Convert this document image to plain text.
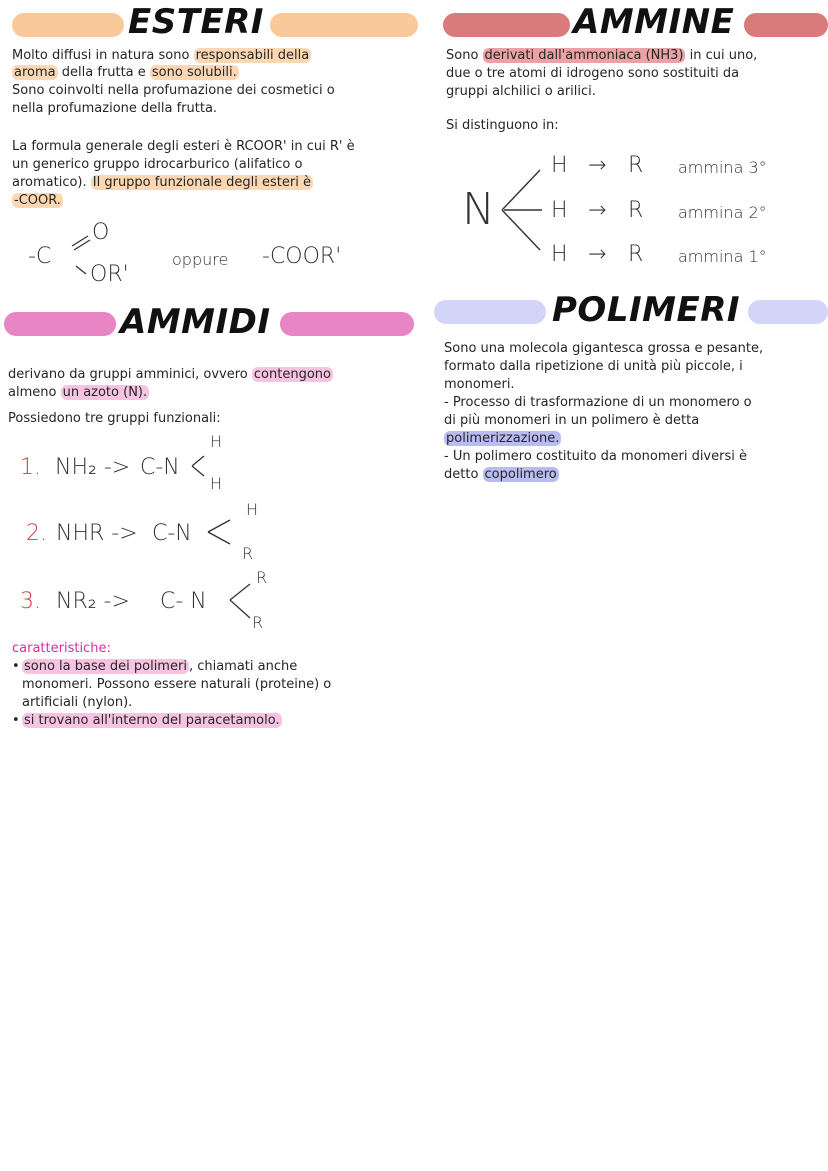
ESTERI
Molto diffusi in natura sono responsabili della
aroma della frutta e sono solubili.
Sono coinvolti nella profumazione dei cosmetici o
nella profumazione della frutta.
La formula generale degli esteri è RCOOR' in cui R' è
un generico gruppo idrocarburico (alifatico o
aromatico). Il gruppo funzionale degli esteri è
-COOR.
-C
O
OR'
oppure -COOR'
AMMINE
Sono derivati dall'ammoniaca (NH3) in cui uno,
due o tre atomi di idrogeno sono sostituiti da
gruppi alchilici o arilici.
Si distinguono in:
N
H → R ammina 3°
H → R ammina 2°
H → R ammina 1°
AMMIDI
derivano da gruppi amminici, ovvero contengono
almeno un azoto (N).
Possiedono tre gruppi funzionali:
1. NH₂ -> C-N
H
H
2. NHR -> C-N
H
R
3. NR₂ -> C- N
R
R
caratteristiche:
• sono la base dei polimeri , chiamati anche
monomeri. Possono essere naturali (proteine) o
artificiali (nylon).
• si trovano all'interno del paracetamolo.
POLIMERI
Sono una molecola gigantesca grossa e pesante,
formato dalla ripetizione di unità più piccole, i
monomeri.
- Processo di trasformazione di un monomero o
di più monomeri in un polimero è detta
polimerizzazione.
- Un polimero costituito da monomeri diversi è
detto copolimero
